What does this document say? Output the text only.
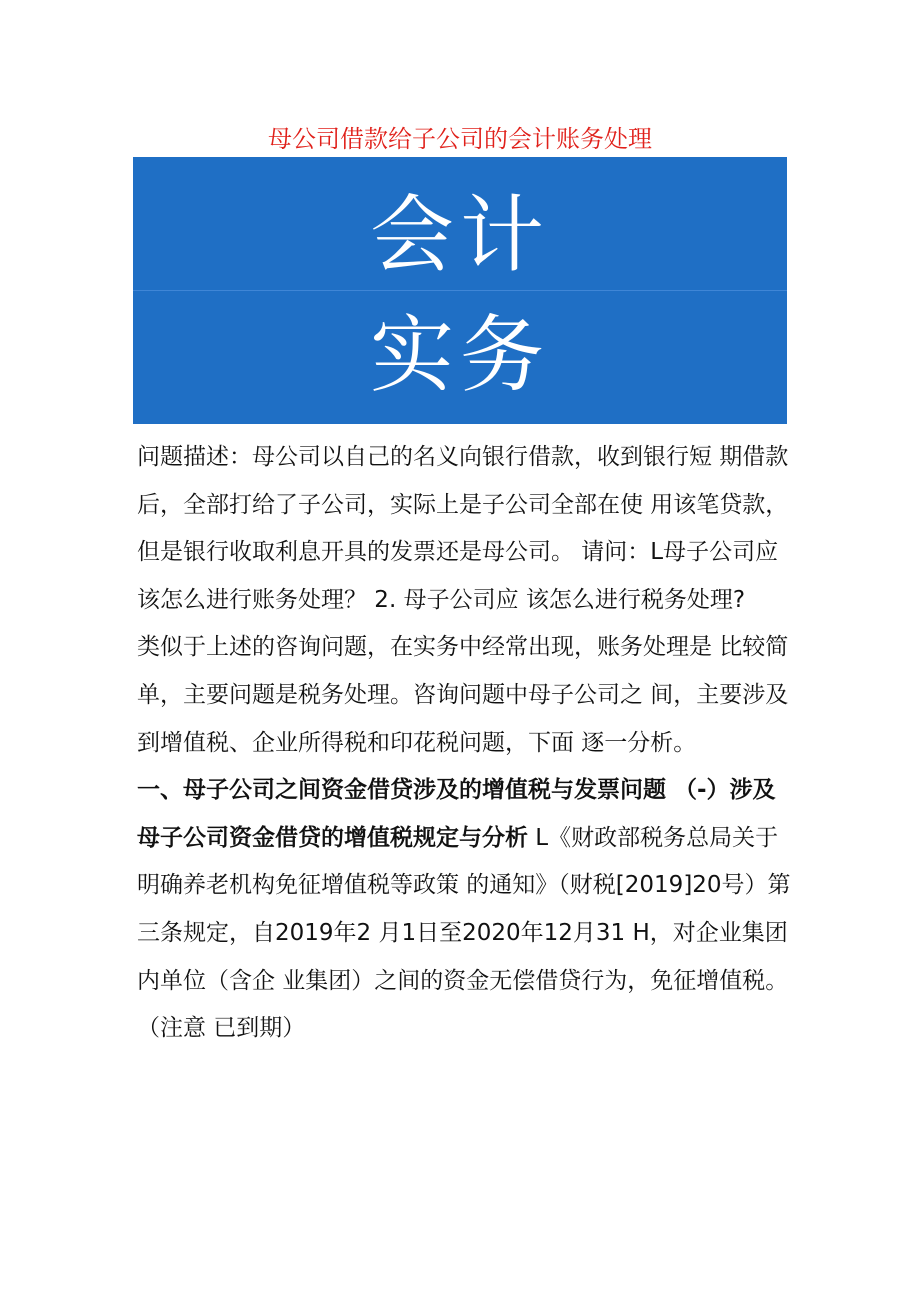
母公司借款给子公司的会计账务处理
会计
实务

问题描述：母公司以自己的名义向银行借款，收到银行短 期借款后，全部打给了子公司，实际上是子公司全部在使 用该笔贷款，但是银行收取利息开具的发票还是母公司。 请问：L母子公司应该怎么进行账务处理？ 2. 母子公司应 该怎么进行税务处理?

类似于上述的咨询问题，在实务中经常出现，账务处理是 比较简单，主要问题是税务处理。咨询问题中母子公司之 间，主要涉及到增值税、企业所得税和印花税问题，下面 逐一分析。

一、母子公司之间资金借贷涉及的增值税与发票问题 （-）涉及母子公司资金借贷的增值税规定与分析 L《财政部税务总局关于明确养老机构免征增值税等政策 的通知》（财税[2019]20号）第三条规定，自2019年2 月1日至2020年12月31 H，对企业集团内单位（含企 业集团）之间的资金无偿借贷行为，免征增值税。（注意 已到期）
